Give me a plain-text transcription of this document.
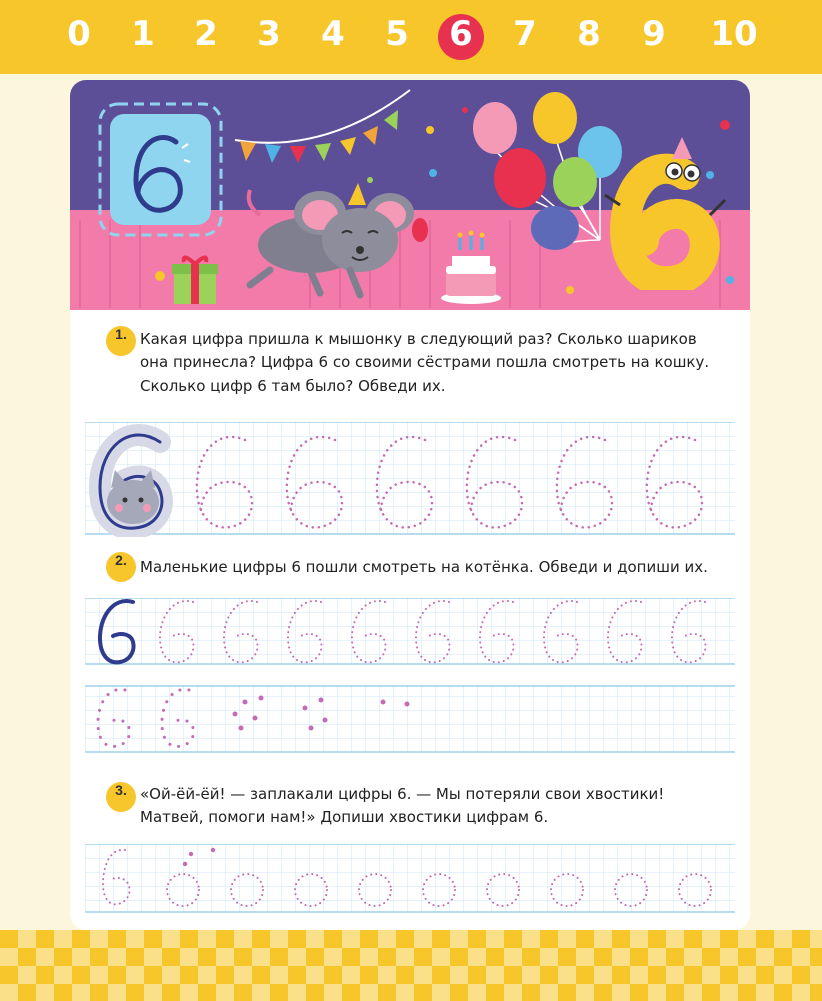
0	1	2	3	4	5	6	7	8	9	10
1. Какая цифра пришла к мышонку в следующий раз? Сколько шариков
она принесла? Цифра 6 со своими сёстрами пошла смотреть на кошку.
Сколько цифр 6 там было? Обведи их.
2. Маленькие цифры 6 пошли смотреть на котёнка. Обведи и допиши их.
3. «Ой-ёй-ёй! — заплакали цифры 6. — Мы потеряли свои хвостики!
Матвей, помоги нам!» Допиши хвостики цифрам 6.
